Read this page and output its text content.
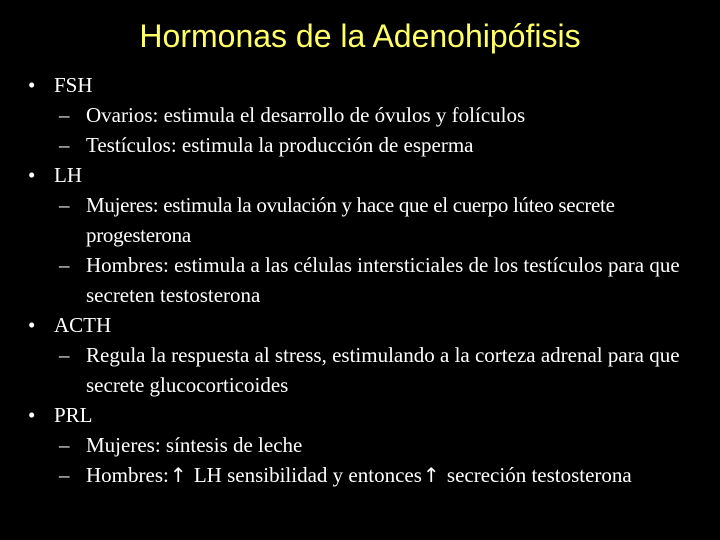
Hormonas de la Adenohipófisis
• FSH
– Ovarios: estimula el desarrollo de óvulos y folículos
– Testículos: estimula la producción de esperma
• LH
– Mujeres: estimula la ovulación y hace que el cuerpo lúteo secrete progesterona
– Hombres: estimula a las células intersticiales de los testículos para que secreten testosterona
• ACTH
– Regula la respuesta al stress, estimulando a la corteza adrenal para que secrete glucocorticoides
• PRL
– Mujeres: síntesis de leche
– Hombres:↑ LH sensibilidad y entonces↑ secreción testosterona
